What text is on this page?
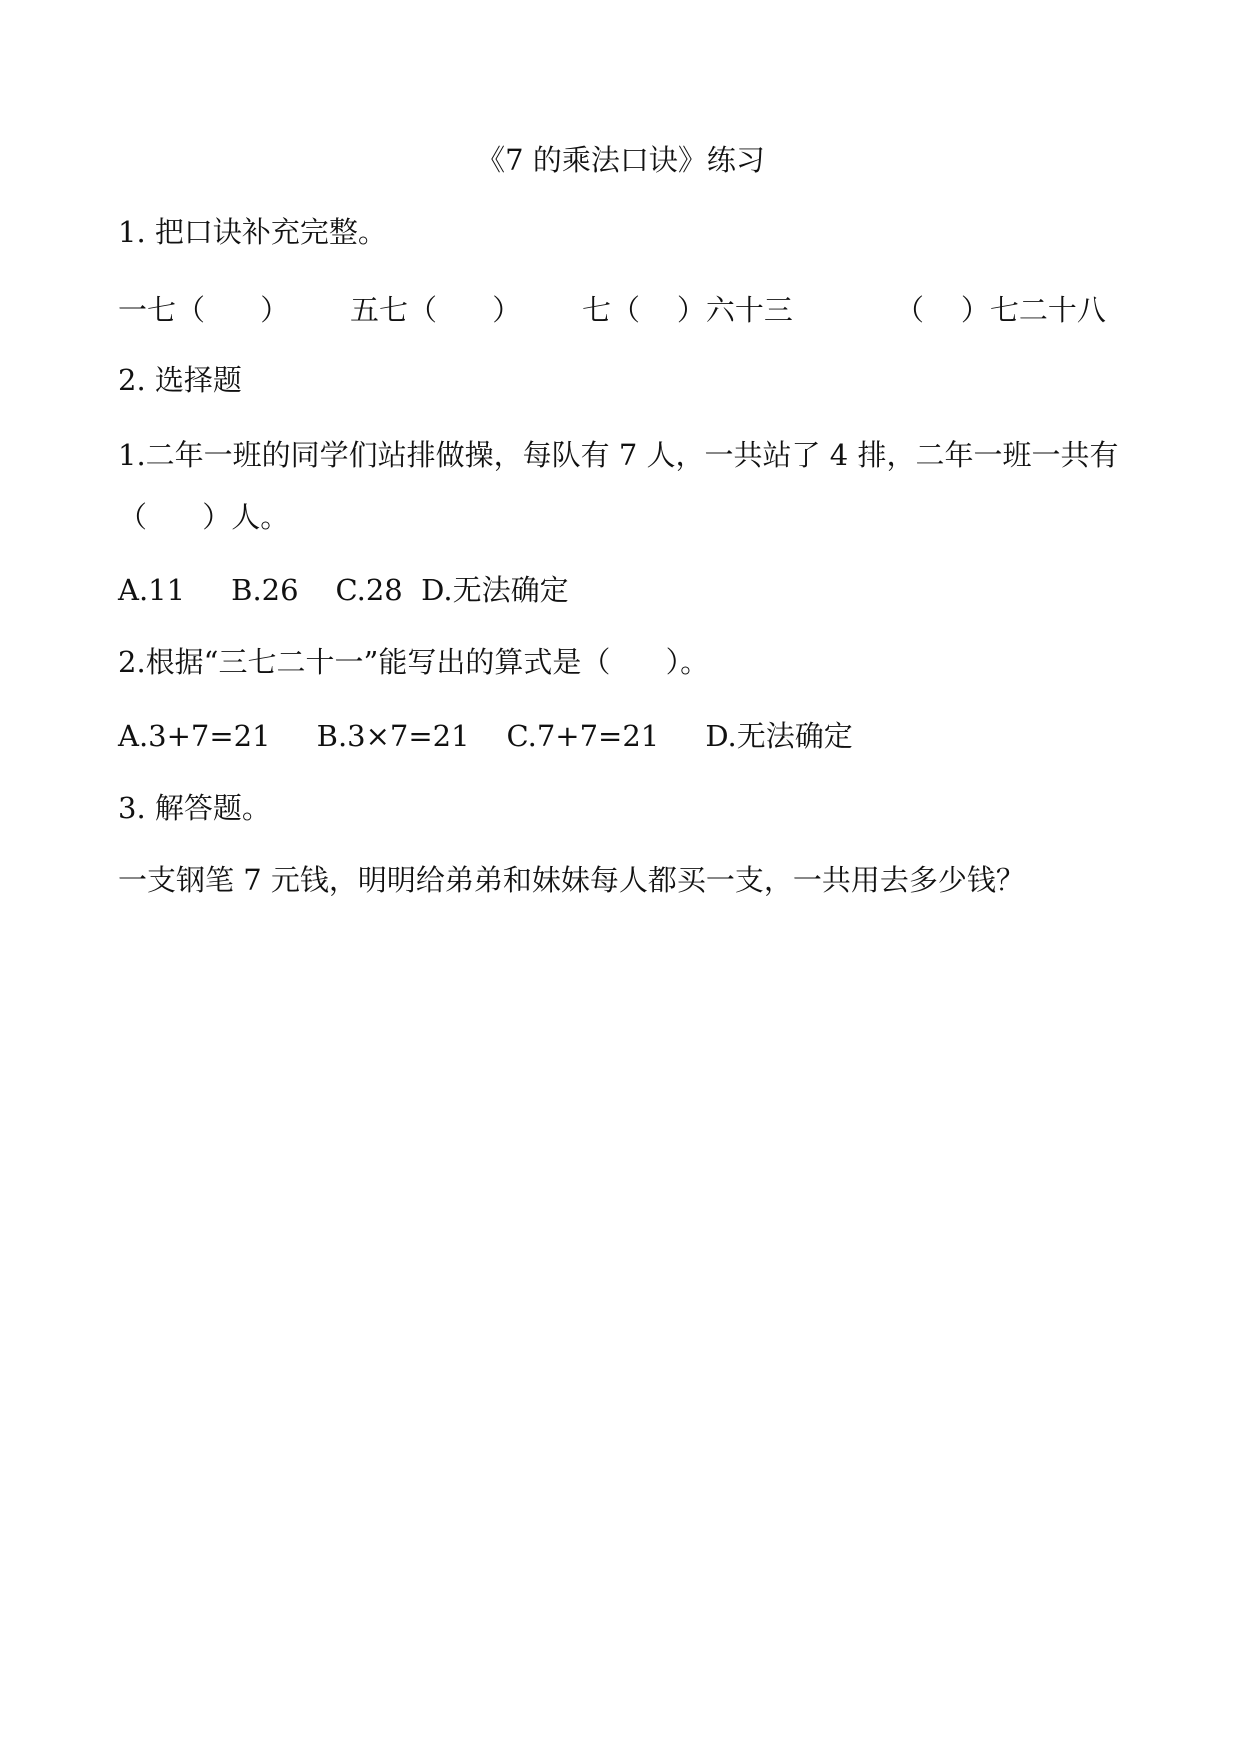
《7 的乘法口诀》练习
1. 把口诀补充完整。
一七（      ） 五七（      ） 七（    ）六十三	（    ）七二十八
2. 选择题
1.二年一班的同学们站排做操，每队有 7 人，一共站了 4 排，二年一班一共有
（      ）人。
A.11     B.26    C.28  D.无法确定
2.根据“三七二十一”能写出的算式是（      ）。
A.3+7=21     B.3×7=21    C.7+7=21     D.无法确定
3. 解答题。
一支钢笔 7 元钱，明明给弟弟和妹妹每人都买一支，一共用去多少钱？
